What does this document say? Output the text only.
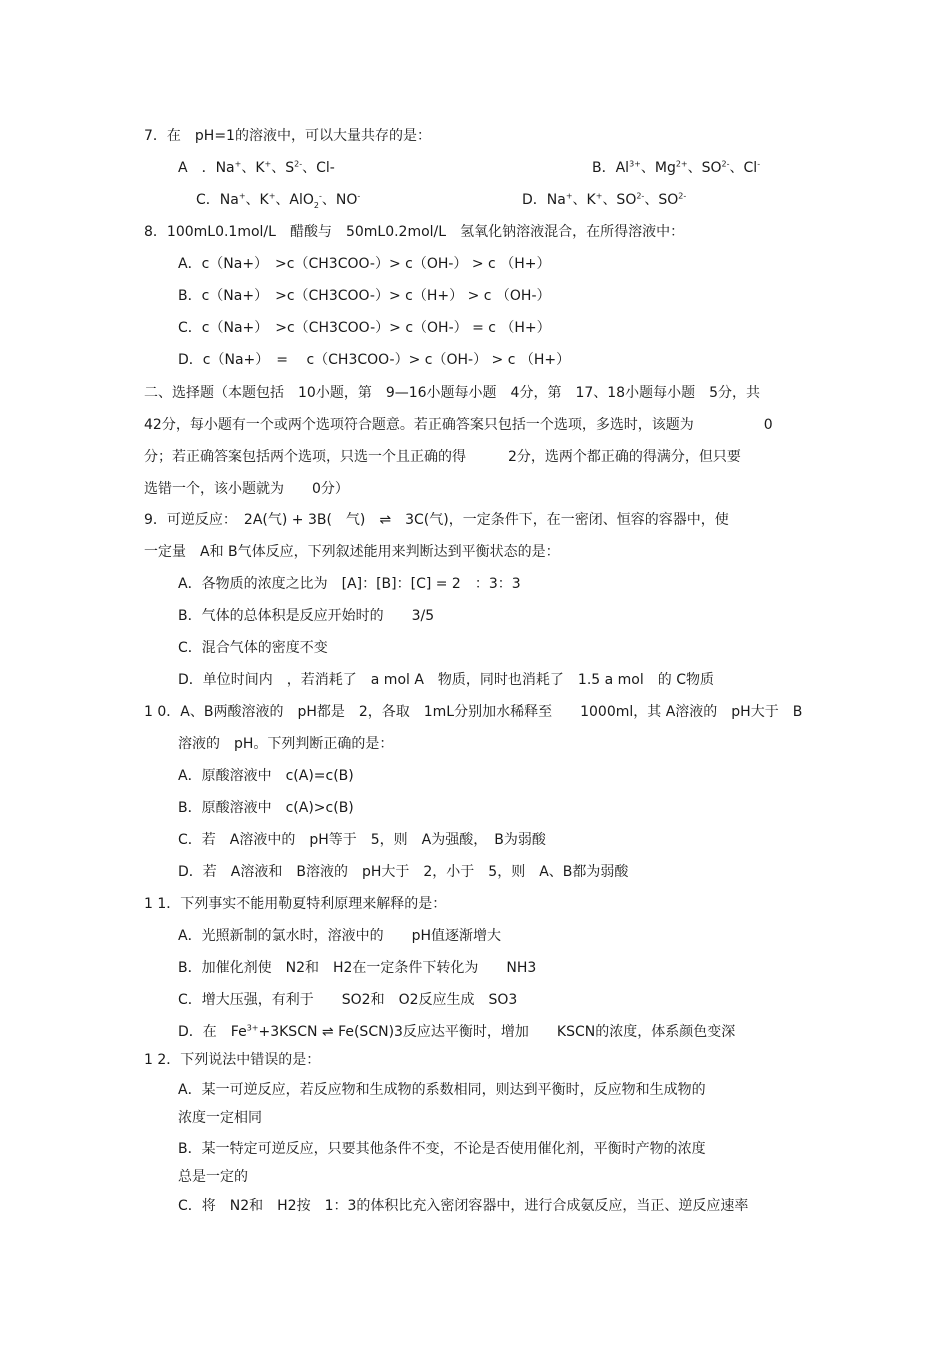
7．在　pH=1的溶液中，可以大量共存的是：
A　．Na+、K+、$S^{2-}$、Cl-	B．$Al^{3+}$、$Mg^{2+}$、$SO^{2-}$、Cl-
C．Na+、K+、AlO$_2$-、NO-	D．Na+、K+、$SO^{2-}$、$SO^{2-}$
8．100mL0.1mol/L　醋酸与　50mL0.2mol/L　氢氧化钠溶液混合，在所得溶液中：
A．c（Na+）　>c（CH3COO-）> c（OH-） > c （H+）
B．c（Na+）　>c（CH3COO-）> c（H+） > c （OH-）
C．c（Na+）　>c（CH3COO-）> c（OH-） = c （H+）
D．c（Na+）　=　 c（CH3COO-）> c（OH-） > c （H+）
二、选择题（本题包括　10小题，第　9—16小题每小题　4分，第　17、18小题每小题　5分，共
42分，每小题有一个或两个选项符合题意。若正确答案只包括一个选项，多选时，该题为　　　　　0
分；若正确答案包括两个选项，只选一个且正确的得　　　2分，选两个都正确的得满分，但只要
选错一个，该小题就为　　0分）
9．可逆反应：　2A(气) + 3B(　气)　⇌　3C(气)，一定条件下，在一密闭、恒容的容器中，使
一定量　A和 B气体反应，下列叙述能用来判断达到平衡状态的是：
A．各物质的浓度之比为　[A]：[B]：[C] = 2　：3：3
B．气体的总体积是反应开始时的　　3/5
C．混合气体的密度不变
D．单位时间内　，若消耗了　a mol A　物质，同时也消耗了　1.5 a mol　的 C物质
1 0．A、B两酸溶液的　pH都是　2，各取　1mL分别加水稀释至　　1000ml，其 A溶液的　pH大于　B
溶液的　pH。下列判断正确的是：
A．原酸溶液中　c(A)=c(B)
B．原酸溶液中　c(A)>c(B)
C．若　A溶液中的　pH等于　5，则　A为强酸，　B为弱酸
D．若　A溶液和　B溶液的　pH大于　2，小于　5，则　A、B都为弱酸
1 1．下列事实不能用勒夏特利原理来解释的是：
A．光照新制的氯水时，溶液中的　　pH值逐渐增大
B．加催化剂使　N2和　H2在一定条件下转化为　　NH3
C．增大压强，有利于　　SO2和　O2反应生成　SO3
D．在　$Fe^{3+}+3KSCN$ ⇌ Fe(SCN)3反应达平衡时，增加　　KSCN的浓度，体系颜色变深
1 2．下列说法中错误的是：
A．某一可逆反应，若反应物和生成物的系数相同，则达到平衡时，反应物和生成物的
浓度一定相同
B．某一特定可逆反应，只要其他条件不变，不论是否使用催化剂，平衡时产物的浓度
总是一定的
C．将　N2和　H2按　1：3的体积比充入密闭容器中，进行合成氨反应，当正、逆反应速率
